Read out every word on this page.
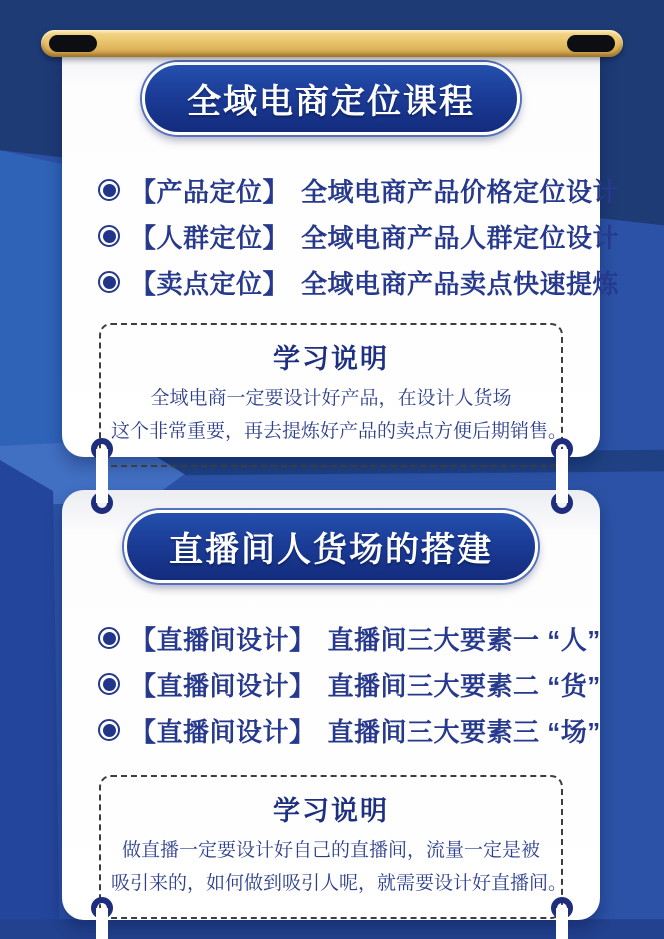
全域电商定位课程
【产品定位】 全域电商产品价格定位设计
【人群定位】 全域电商产品人群定位设计
【卖点定位】 全域电商产品卖点快速提炼
学习说明
全域电商一定要设计好产品，在设计人货场
这个非常重要，再去提炼好产品的卖点方便后期销售。
直播间人货场的搭建
【直播间设计】 直播间三大要素一 “人”
【直播间设计】 直播间三大要素二 “货”
【直播间设计】 直播间三大要素三 “场”
学习说明
做直播一定要设计好自己的直播间，流量一定是被
吸引来的，如何做到吸引人呢，就需要设计好直播间。
